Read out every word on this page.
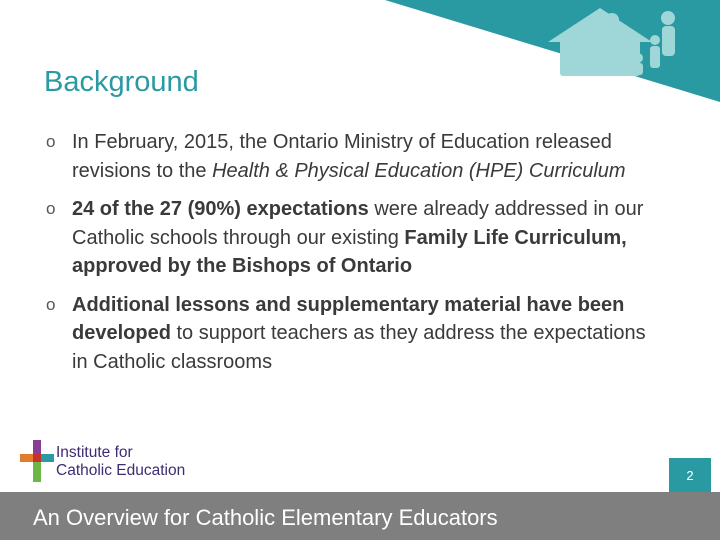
Background
o In February, 2015, the Ontario Ministry of Education released revisions to the Health & Physical Education (HPE) Curriculum
o 24 of the 27 (90%) expectations were already addressed in our Catholic schools through our existing Family Life Curriculum, approved by the Bishops of Ontario
o Additional lessons and supplementary material have been developed to support teachers as they address the expectations in Catholic classrooms
Institute for
Catholic Education	2
An Overview for Catholic Elementary Educators
